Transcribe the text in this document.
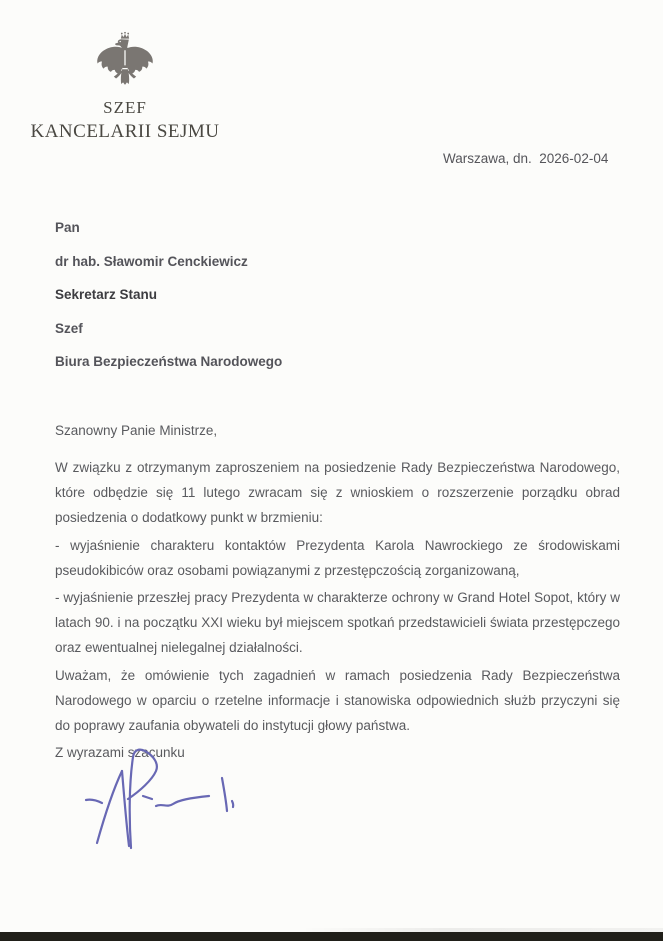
SZEF
KANCELARII SEJMU
Warszawa, dn.  2026-02-04

Pan

dr hab. Sławomir Cenckiewicz

Sekretarz Stanu

Szef

Biura Bezpieczeństwa Narodowego

Szanowny Panie Ministrze,

W związku z otrzymanym zaproszeniem na posiedzenie Rady Bezpieczeństwa Narodowego, które odbędzie się 11 lutego zwracam się z wnioskiem o rozszerzenie porządku obrad posiedzenia o dodatkowy punkt w brzmieniu:

- wyjaśnienie charakteru kontaktów Prezydenta Karola Nawrockiego ze środowiskami pseudokibiców oraz osobami powiązanymi z przestępczością zorganizowaną,

- wyjaśnienie przeszłej pracy Prezydenta w charakterze ochrony w Grand Hotel Sopot, który w latach 90. i na początku XXI wieku był miejscem spotkań przedstawicieli świata przestępczego oraz ewentualnej nielegalnej działalności.

Uważam, że omówienie tych zagadnień w ramach posiedzenia Rady Bezpieczeństwa Narodowego w oparciu o rzetelne informacje i stanowiska odpowiednich służb przyczyni się do poprawy zaufania obywateli do instytucji głowy państwa.

Z wyrazami szacunku
